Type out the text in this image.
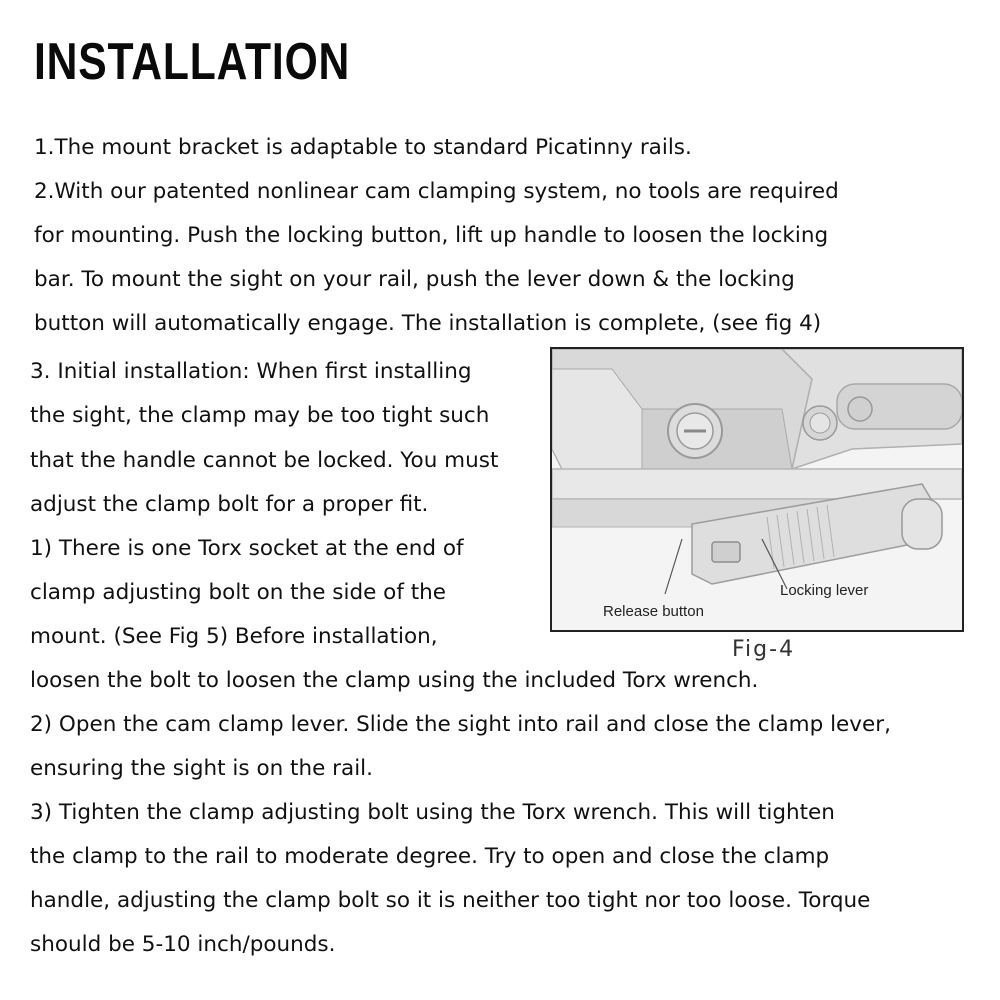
INSTALLATION
1.The mount bracket is adaptable to standard Picatinny rails.
2.With our patented nonlinear cam clamping system, no tools are required
for mounting. Push the locking button, lift up handle to loosen the locking
bar. To mount the sight on your rail, push the lever down & the locking
button will automatically engage. The installation is complete, (see fig 4)
3. Initial installation: When first installing
the sight, the clamp may be too tight such
that the handle cannot be locked. You must
adjust the clamp bolt for a proper fit.
1) There is one Torx socket at the end of
clamp adjusting bolt on the side of the
mount. (See Fig 5) Before installation,
loosen the bolt to loosen the clamp using the included Torx wrench.
2) Open the cam clamp lever. Slide the sight into rail and close the clamp lever,
ensuring the sight is on the rail.
3) Tighten the clamp adjusting bolt using the Torx wrench. This will tighten
the clamp to the rail to moderate degree. Try to open and close the clamp
handle, adjusting the clamp bolt so it is neither too tight nor too loose. Torque
should be 5-10 inch/pounds.
Locking lever
Release button
Fig-4
